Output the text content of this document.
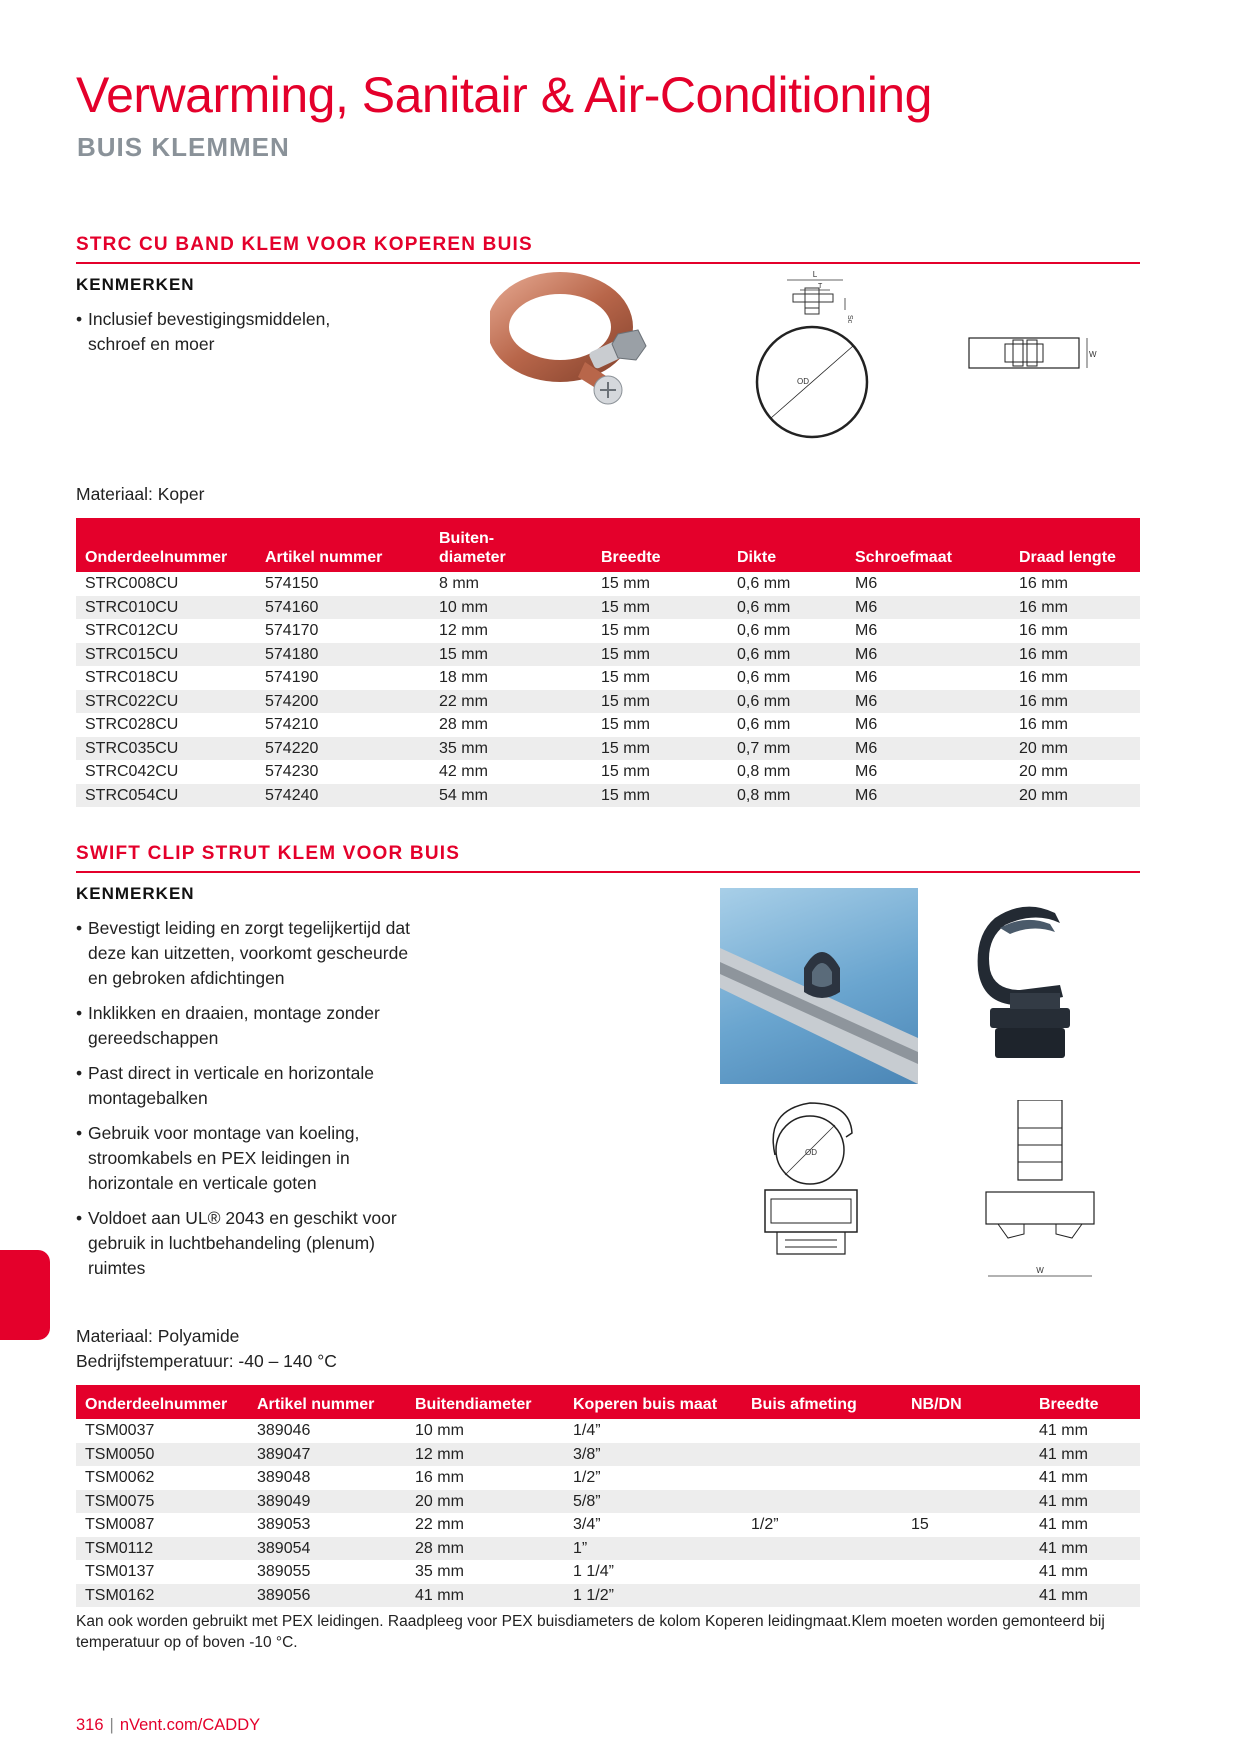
Verwarming, Sanitair & Air-Conditioning
BUIS KLEMMEN
STRC CU BAND KLEM VOOR KOPEREN BUIS
KENMERKEN
• Inclusief bevestigingsmiddelen, schroef en moer
L
T
Sc
OD
W
Materiaal: Koper
Onderdeelnummer	Artikel nummer	Buiten-
diameter	Breedte	Dikte	Schroefmaat	Draad lengte
STRC008CU	574150	8 mm	15 mm	0,6 mm	M6	16 mm
STRC010CU	574160	10 mm	15 mm	0,6 mm	M6	16 mm
STRC012CU	574170	12 mm	15 mm	0,6 mm	M6	16 mm
STRC015CU	574180	15 mm	15 mm	0,6 mm	M6	16 mm
STRC018CU	574190	18 mm	15 mm	0,6 mm	M6	16 mm
STRC022CU	574200	22 mm	15 mm	0,6 mm	M6	16 mm
STRC028CU	574210	28 mm	15 mm	0,6 mm	M6	16 mm
STRC035CU	574220	35 mm	15 mm	0,7 mm	M6	20 mm
STRC042CU	574230	42 mm	15 mm	0,8 mm	M6	20 mm
STRC054CU	574240	54 mm	15 mm	0,8 mm	M6	20 mm
SWIFT CLIP STRUT KLEM VOOR BUIS
KENMERKEN
• Bevestigt leiding en zorgt tegelijkertijd dat deze kan uitzetten, voorkomt gescheurde en gebroken afdichtingen
• Inklikken en draaien, montage zonder gereedschappen
• Past direct in verticale en horizontale montagebalken
• Gebruik voor montage van koeling, stroomkabels en PEX leidingen in horizontale en verticale goten
• Voldoet aan UL® 2043 en geschikt voor gebruik in luchtbehandeling (plenum) ruimtes
OD
W
Materiaal: Polyamide
Bedrijfstemperatuur: -40 – 140 °C
Onderdeelnummer	Artikel nummer	Buitendiameter	Koperen buis maat	Buis afmeting	NB/DN	Breedte
TSM0037	389046	10 mm	1/4”			41 mm
TSM0050	389047	12 mm	3/8”			41 mm
TSM0062	389048	16 mm	1/2”			41 mm
TSM0075	389049	20 mm	5/8”			41 mm
TSM0087	389053	22 mm	3/4”	1/2”	15	41 mm
TSM0112	389054	28 mm	1”			41 mm
TSM0137	389055	35 mm	1 1/4”			41 mm
TSM0162	389056	41 mm	1 1/2”			41 mm
Kan ook worden gebruikt met PEX leidingen. Raadpleeg voor PEX buisdiameters de kolom Koperen leidingmaat.Klem moeten worden gemonteerd bij temperatuur op of boven -10 °C.
316 | nVent.com/CADDY
